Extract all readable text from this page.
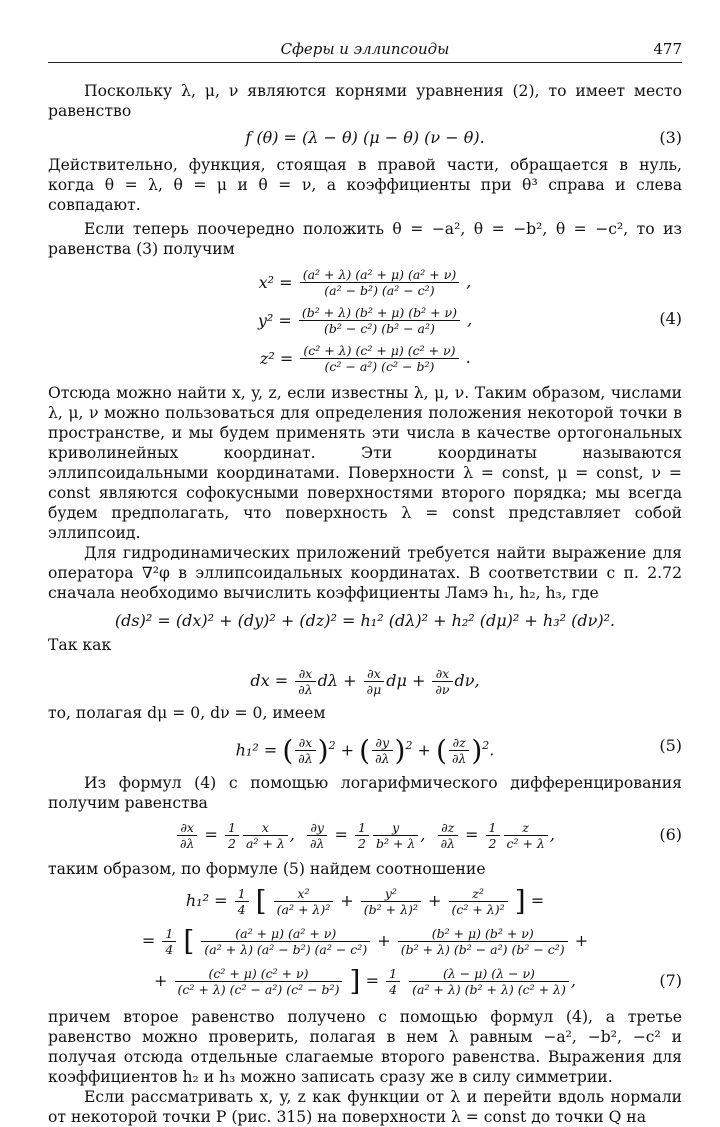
Сферы и эллипсоиды	477

Поскольку λ, μ, ν являются корнями уравнения (2), то имеет место равенство

f (θ) = (λ − θ) (μ − θ) (ν − θ).	(3)

Действительно, функция, стоящая в правой части, обращается в нуль, когда θ = λ, θ = μ и θ = ν, а коэффициенты при θ³ справа и слева совпадают.

Если теперь поочередно положить θ = −a², θ = −b², θ = −c², то из равенства (3) получим

(4)
$x^2 = \frac{\text{(a² + λ) (a² + μ) (a² + ν)}}{\text{(a² − b²) (a² − c²)}}$ ,
$y^2 = \frac{\text{(b² + λ) (b² + μ) (b² + ν)}}{\text{(b² − c²) (b² − a²)}}$ ,
$z^2 = \frac{\text{(c² + λ) (c² + μ) (c² + ν)}}{\text{(c² − a²) (c² − b²)}}$ .

Отсюда можно найти x, y, z, если известны λ, μ, ν. Таким образом, числами λ, μ, ν можно пользоваться для определения положения некоторой точки в пространстве, и мы будем применять эти числа в качестве ортогональных криволинейных координат. Эти координаты называются эллипсоидальными координатами. Поверхности λ = const, μ = const, ν = const являются софокусными поверхностями второго порядка; мы всегда будем предполагать, что поверхность λ = const представляет собой эллипсоид.

Для гидродинамических приложений требуется найти выражение для оператора ∇²φ в эллипсоидальных координатах. В соответствии с п. 2.72 сначала необходимо вычислить коэффициенты Ламэ h₁, h₂, h₃, где

(ds)² = (dx)² + (dy)² + (dz)² = h₁² (dλ)² + h₂² (dμ)² + h₃² (dν)².

Так как

dx = $\frac{\partial x}{\partial\lambda}$ $d\lambda + \frac{\partial x}{\partial\mu}$ $d\mu + \frac{\partial x}{\partial\nu} d\nu$,

то, полагая dμ = 0, dν = 0, имеем

(5)
h₁² = ( $\frac{\partial x}{\partial\lambda} )^2$ + ( $\frac{\partial y}{\partial\lambda} )^2$ + ( $\frac{\partial z}{\partial\lambda} )^2$.

Из формул (4) с помощью логарифмического дифференцирования получим равенства

(6)
$\frac{\partial x}{\partial\lambda} = \frac{1}{2} \frac{x}{\text{a² + λ}}$ , $\frac{\partial y}{\partial\lambda} = \frac{1}{2} \frac{y}{\text{b² + λ}}$ , $\frac{\partial z}{\partial\lambda} = \frac{1}{2} \frac{z}{\text{c² + λ}}$ ,

таким образом, по формуле (5) найдем соотношение

$h_1^2 = \frac{1}{4}$ [ $\frac{\text{x²}}{\text{(a² + λ)²}} + \frac{\text{y²}}{\text{(b² + λ)²}} + \frac{\text{z²}}{\text{(c² + λ)²}}$ ] =
= $\frac{1}{4}$ [ $\frac{\text{(a² + μ) (a² + ν)}}{\text{(a² + λ) (a² − b²) (a² − c²)}} + \frac{\text{(b² + μ) (b² + ν)}}{\text{(b² + λ) (b² − a²) (b² − c²)}}$ +
(7)
+ $\frac{\text{(c² + μ) (c² + ν)}}{\text{(c² + λ) (c² − a²) (c² − b²)}}$ ] = $\frac{1}{4}$
$\frac{(\lambda - \mu) (\lambda - \nu)}{\text{(a² + λ) (b² + λ) (c² + λ)}}$ ,

причем второе равенство получено с помощью формул (4), а третье равенство можно проверить, полагая в нем λ равным −a², −b², −c² и получая отсюда отдельные слагаемые второго равенства. Выражения для коэффициентов h₂ и h₃ можно записать сразу же в силу симметрии.

Если рассматривать x, y, z как функции от λ и перейти вдоль нормали от некоторой точки P (рис. 315) на поверхности λ = const до точки Q на
